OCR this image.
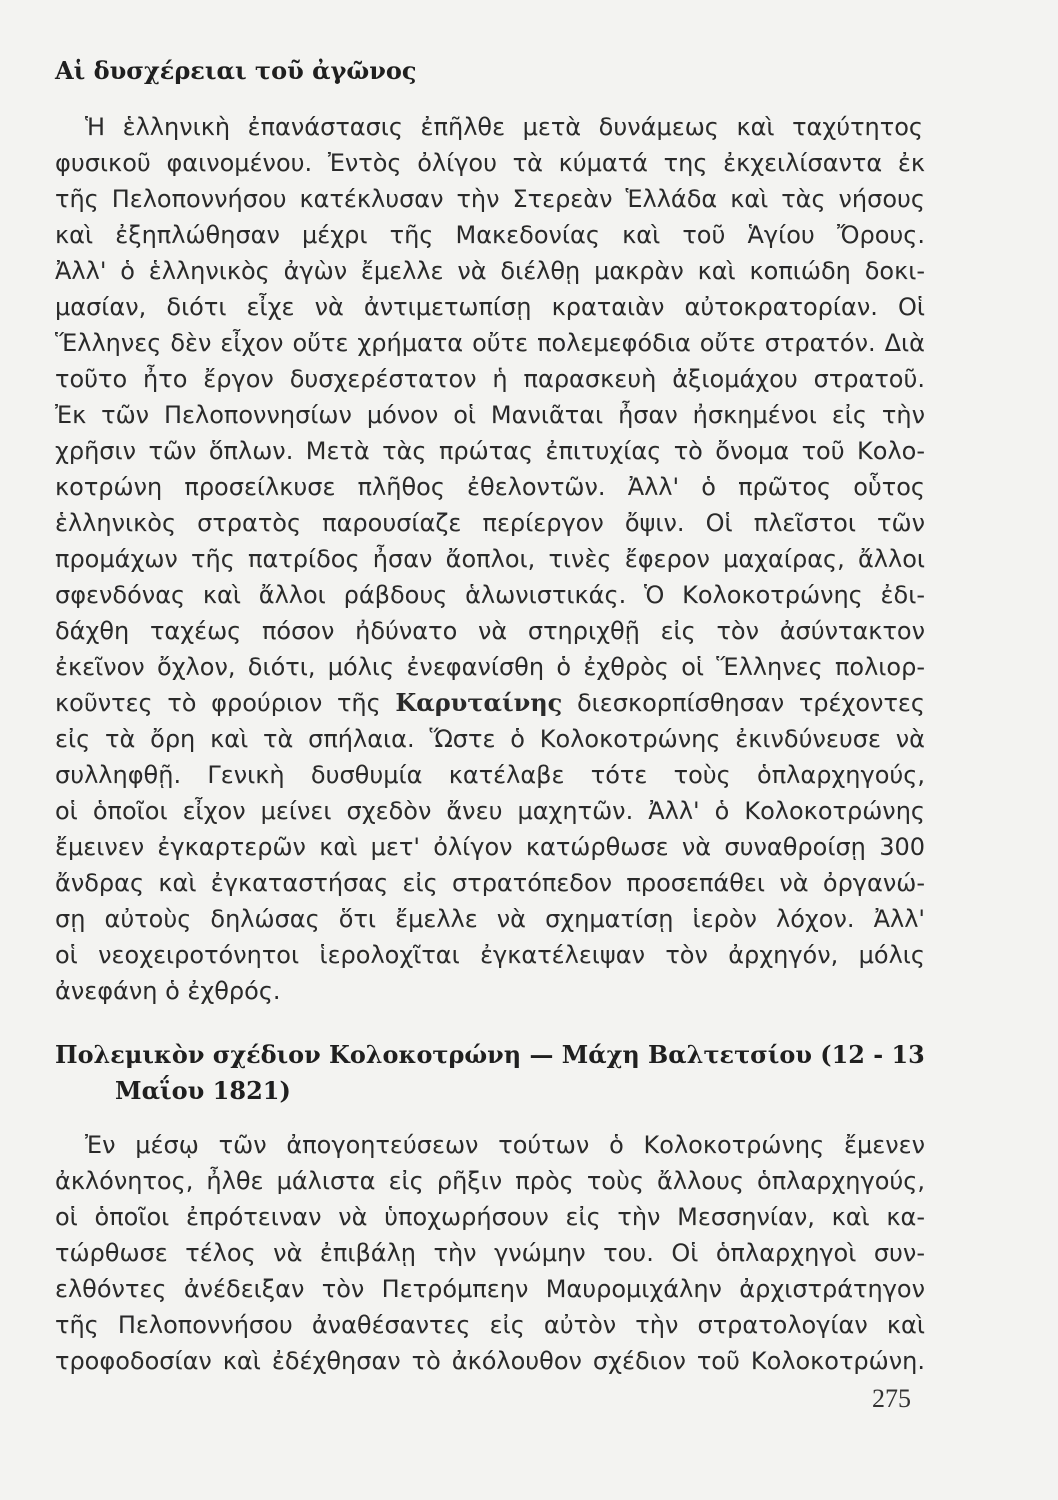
Αἱ δυσχέρειαι τοῦ ἀγῶνος
Ἡ ἑλληνικὴ ἐπανάστασις ἐπῆλθε μετὰ δυνάμεως καὶ ταχύτητος
φυσικοῦ φαινομένου. Ἐντὸς ὀλίγου τὰ κύματά της ἐκχειλίσαντα ἐκ
τῆς Πελοποννήσου κατέκλυσαν τὴν Στερεὰν Ἑλλάδα καὶ τὰς νήσους
καὶ ἐξηπλώθησαν μέχρι τῆς Μακεδονίας καὶ τοῦ Ἁγίου Ὄρους.
Ἀλλ' ὁ ἑλληνικὸς ἀγὼν ἔμελλε νὰ διέλθῃ μακρὰν καὶ κοπιώδη δοκι-
μασίαν, διότι εἶχε νὰ ἀντιμετωπίσῃ κραταιὰν αὐτοκρατορίαν. Οἱ
Ἕλληνες δὲν εἶχον οὔτε χρήματα οὔτε πολεμεφόδια οὔτε στρατόν. Διὰ
τοῦτο ἦτο ἔργον δυσχερέστατον ἡ παρασκευὴ ἀξιομάχου στρατοῦ.
Ἐκ τῶν Πελοποννησίων μόνον οἱ Μανιᾶται ἦσαν ἠσκημένοι εἰς τὴν
χρῆσιν τῶν ὅπλων. Μετὰ τὰς πρώτας ἐπιτυχίας τὸ ὄνομα τοῦ Κολο-
κοτρώνη προσείλκυσε πλῆθος ἐθελοντῶν. Ἀλλ' ὁ πρῶτος οὗτος
ἑλληνικὸς στρατὸς παρουσίαζε περίεργον ὄψιν. Οἱ πλεῖστοι τῶν
προμάχων τῆς πατρίδος ἦσαν ἄοπλοι, τινὲς ἔφερον μαχαίρας, ἄλλοι
σφενδόνας καὶ ἄλλοι ράβδους ἁλωνιστικάς. Ὁ Κολοκοτρώνης ἐδι-
δάχθη ταχέως πόσον ἠδύνατο νὰ στηριχθῇ εἰς τὸν ἀσύντακτον
ἐκεῖνον ὄχλον, διότι, μόλις ἐνεφανίσθη ὁ ἐχθρὸς οἱ Ἕλληνες πολιορ-
κοῦντες τὸ φρούριον τῆς Καρυταίνης διεσκορπίσθησαν τρέχοντες
εἰς τὰ ὄρη καὶ τὰ σπήλαια. Ὥστε ὁ Κολοκοτρώνης ἐκινδύνευσε νὰ
συλληφθῇ. Γενικὴ δυσθυμία κατέλαβε τότε τοὺς ὁπλαρχηγούς,
οἱ ὁποῖοι εἶχον μείνει σχεδὸν ἄνευ μαχητῶν. Ἀλλ' ὁ Κολοκοτρώνης
ἔμεινεν ἐγκαρτερῶν καὶ μετ' ὀλίγον κατώρθωσε νὰ συναθροίσῃ 300
ἄνδρας καὶ ἐγκαταστήσας εἰς στρατόπεδον προσεπάθει νὰ ὀργανώ-
σῃ αὐτοὺς δηλώσας ὅτι ἔμελλε νὰ σχηματίσῃ ἱερὸν λόχον. Ἀλλ'
οἱ νεοχειροτόνητοι ἱερολοχῖται ἐγκατέλειψαν τὸν ἀρχηγόν, μόλις
ἀνεφάνη ὁ ἐχθρός.
Πολεμικὸν σχέδιον Κολοκοτρώνη — Μάχη Βαλτετσίου (12 - 13
Μαΐου 1821)
Ἐν μέσῳ τῶν ἀπογοητεύσεων τούτων ὁ Κολοκοτρώνης ἔμενεν
ἀκλόνητος, ἦλθε μάλιστα εἰς ρῆξιν πρὸς τοὺς ἄλλους ὁπλαρχηγούς,
οἱ ὁποῖοι ἐπρότειναν νὰ ὑποχωρήσουν εἰς τὴν Μεσσηνίαν, καὶ κα-
τώρθωσε τέλος νὰ ἐπιβάλῃ τὴν γνώμην του. Οἱ ὁπλαρχηγοὶ συν-
ελθόντες ἀνέδειξαν τὸν Πετρόμπεην Μαυρομιχάλην ἀρχιστράτηγον
τῆς Πελοποννήσου ἀναθέσαντες εἰς αὐτὸν τὴν στρατολογίαν καὶ
τροφοδοσίαν καὶ ἐδέχθησαν τὸ ἀκόλουθον σχέδιον τοῦ Κολοκοτρώνη.
275
